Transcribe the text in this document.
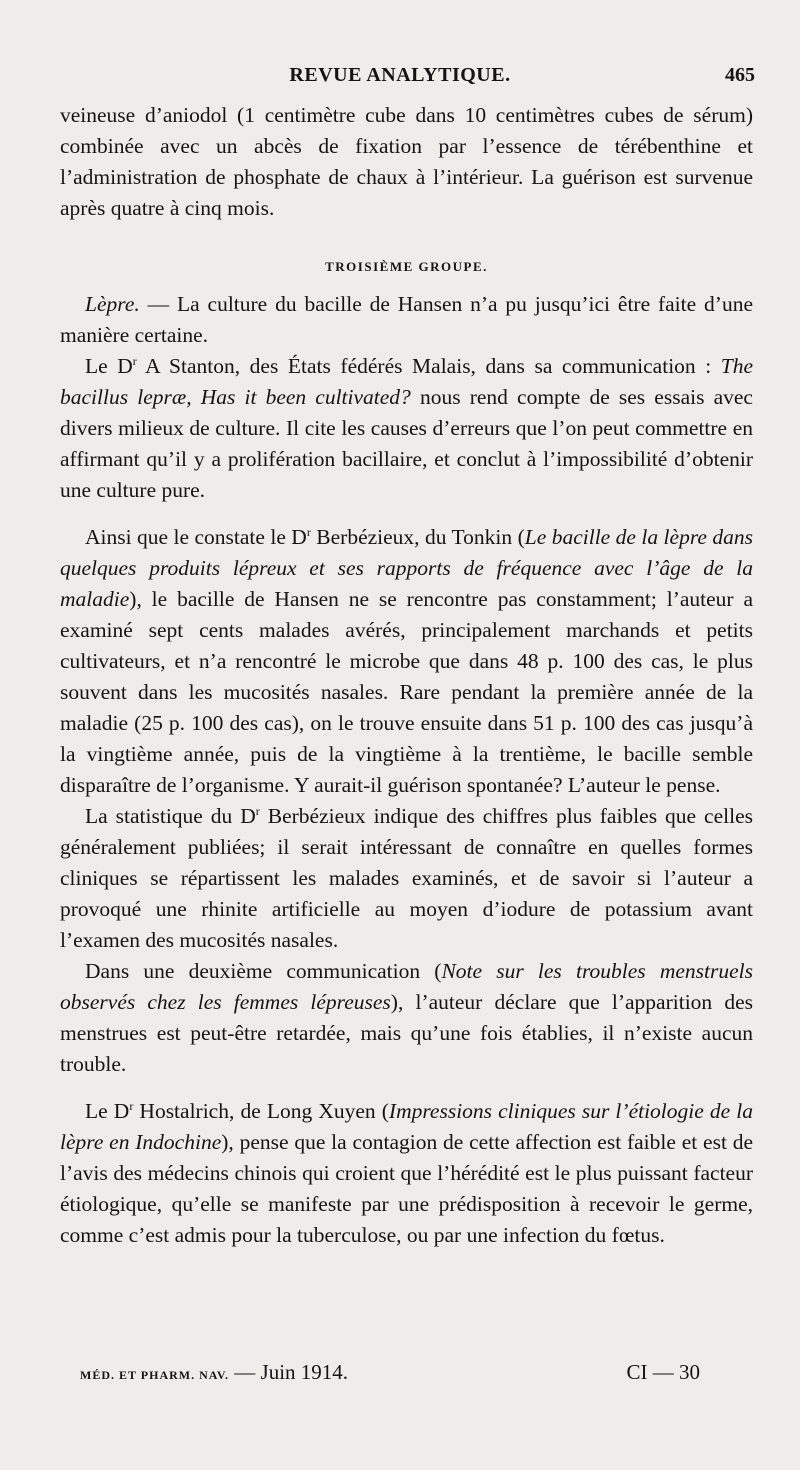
REVUE ANALYTIQUE.	465

veineuse d’aniodol (1 centimètre cube dans 10 centimètres cubes de sérum) combinée avec un abcès de fixation par l’essence de térébenthine et l’administration de phosphate de chaux à l’intérieur. La guérison est survenue après quatre à cinq mois.

TROISIÈME GROUPE.

Lèpre. — La culture du bacille de Hansen n’a pu jusqu’ici être faite d’une manière certaine.

Le $D^r$ A Stanton, des États fédérés Malais, dans sa communication : The bacillus lepræ, Has it been cultivated? nous rend compte de ses essais avec divers milieux de culture. Il cite les causes d’erreurs que l’on peut commettre en affirmant qu’il y a prolifération bacillaire, et conclut à l’impossibilité d’obtenir une culture pure.

Ainsi que le constate le $D^r$ Berbézieux, du Tonkin (Le bacille de la lèpre dans quelques produits lépreux et ses rapports de fréquence avec l’âge de la maladie), le bacille de Hansen ne se rencontre pas constamment; l’auteur a examiné sept cents malades avérés, principalement marchands et petits cultivateurs, et n’a rencontré le microbe que dans 48 p. 100 des cas, le plus souvent dans les mucosités nasales. Rare pendant la première année de la maladie (25 p. 100 des cas), on le trouve ensuite dans 51 p. 100 des cas jusqu’à la vingtième année, puis de la vingtième à la trentième, le bacille semble disparaître de l’organisme. Y aurait-il guérison spontanée? L’auteur le pense.

La statistique du $D^r$ Berbézieux indique des chiffres plus faibles que celles généralement publiées; il serait intéressant de connaître en quelles formes cliniques se répartissent les malades examinés, et de savoir si l’auteur a provoqué une rhinite artificielle au moyen d’iodure de potassium avant l’examen des mucosités nasales.

Dans une deuxième communication (Note sur les troubles menstruels observés chez les femmes lépreuses), l’auteur déclare que l’apparition des menstrues est peut-être retardée, mais qu’une fois établies, il n’existe aucun trouble.

Le $D^r$ Hostalrich, de Long Xuyen (Impressions cliniques sur l’étiologie de la lèpre en Indochine), pense que la contagion de cette affection est faible et est de l’avis des médecins chinois qui croient que l’hérédité est le plus puissant facteur étiologique, qu’elle se manifeste par une prédisposition à recevoir le germe, comme c’est admis pour la tuberculose, ou par une infection du fœtus.

MÉD. ET PHARM. NAV. — Juin 1914.	CI — 30
